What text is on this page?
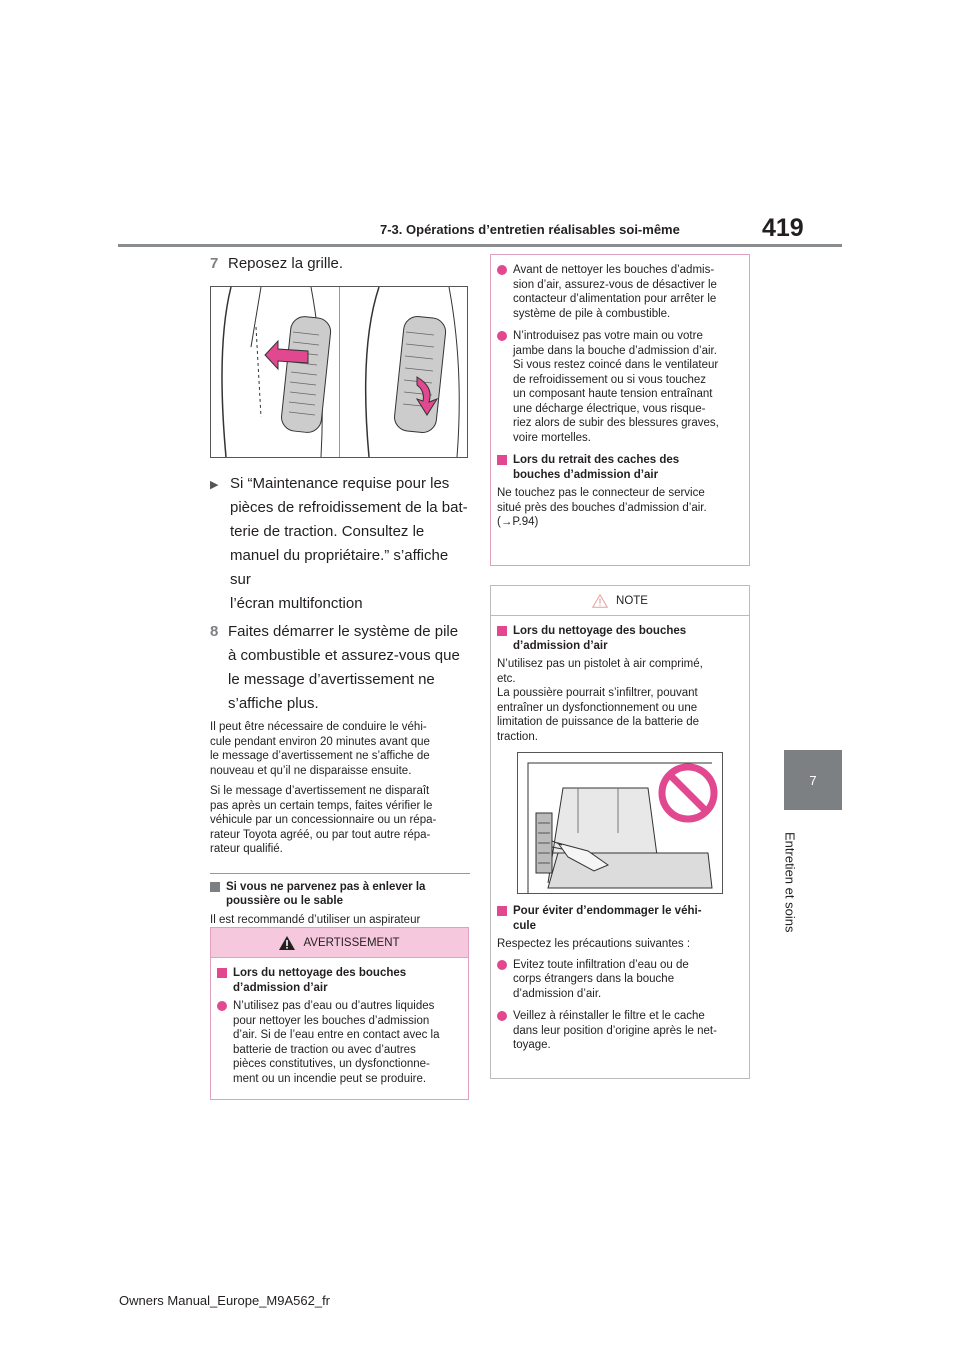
7-3. Opérations d’entretien réalisables soi-même	419
7
Entretien et soins
7 Reposez la grille.
▶ Si “Maintenance requise pour les
pièces de refroidissement de la bat-
terie de traction. Consultez le
manuel du propriétaire.” s’affiche sur
l’écran multifonction
8 Faites démarrer le système de pile
à combustible et assurez-vous que
le message d’avertissement ne
s’affiche plus.

Il peut être nécessaire de conduire le véhi-
cule pendant environ 20 minutes avant que
le message d’avertissement ne s’affiche de
nouveau et qu’il ne disparaisse ensuite.

Si le message d’avertissement ne disparaît
pas après un certain temps, faites vérifier le
véhicule par un concessionnaire ou un répa-
rateur Toyota agréé, ou par tout autre répa-
rateur qualifié.

Si vous ne parvenez pas à enlever la
poussière ou le sable

Il est recommandé d’utiliser un aspirateur

AVERTISSEMENT
Lors du nettoyage des bouches
d’admission d’air
N’utilisez pas d’eau ou d’autres liquides
pour nettoyer les bouches d’admission
d’air. Si de l’eau entre en contact avec la
batterie de traction ou avec d’autres
pièces constitutives, un dysfonctionne-
ment ou un incendie peut se produire.
Avant de nettoyer les bouches d’admis-
sion d’air, assurez-vous de désactiver le
contacteur d’alimentation pour arrêter le
système de pile à combustible.
N’introduisez pas votre main ou votre
jambe dans la bouche d’admission d’air.
Si vous restez coincé dans le ventilateur
de refroidissement ou si vous touchez
un composant haute tension entraînant
une décharge électrique, vous risque-
riez alors de subir des blessures graves,
voire mortelles.
Lors du retrait des caches des
bouches d’admission d’air

Ne touchez pas le connecteur de service
situé près des bouches d’admission d’air.
(→P.94)

NOTE
Lors du nettoyage des bouches
d’admission d’air

N’utilisez pas un pistolet à air comprimé,
etc.
La poussière pourrait s’infiltrer, pouvant
entraîner un dysfonctionnement ou une
limitation de puissance de la batterie de
traction.

Pour éviter d’endommager le véhi-
cule

Respectez les précautions suivantes :

Evitez toute infiltration d’eau ou de
corps étrangers dans la bouche
d’admission d’air.
Veillez à réinstaller le filtre et le cache
dans leur position d’origine après le net-
toyage.
Owners Manual_Europe_M9A562_fr
